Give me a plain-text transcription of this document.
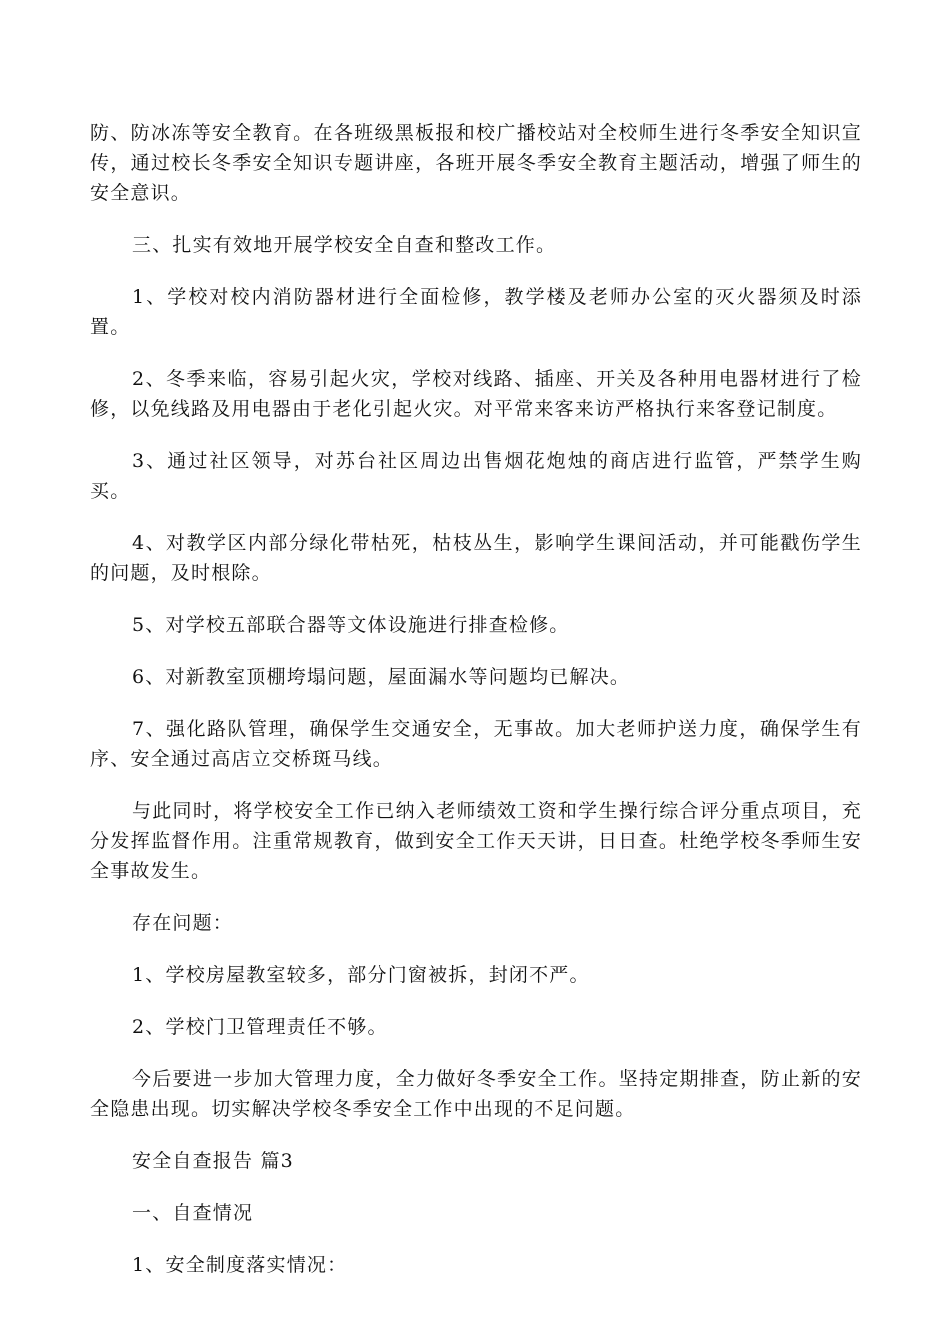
防、防冰冻等安全教育。在各班级黑板报和校广播校站对全校师生进行冬季安全知识宣传，通过校长冬季安全知识专题讲座，各班开展冬季安全教育主题活动，增强了师生的安全意识。

三、扎实有效地开展学校安全自查和整改工作。

1、学校对校内消防器材进行全面检修，教学楼及老师办公室的灭火器须及时添置。

2、冬季来临，容易引起火灾，学校对线路、插座、开关及各种用电器材进行了检修，以免线路及用电器由于老化引起火灾。对平常来客来访严格执行来客登记制度。

3、通过社区领导，对苏台社区周边出售烟花炮烛的商店进行监管，严禁学生购买。

4、对教学区内部分绿化带枯死，枯枝丛生，影响学生课间活动，并可能戳伤学生的问题，及时根除。

5、对学校五部联合器等文体设施进行排查检修。

6、对新教室顶棚垮塌问题，屋面漏水等问题均已解决。

7、强化路队管理，确保学生交通安全，无事故。加大老师护送力度，确保学生有序、安全通过高店立交桥斑马线。

与此同时，将学校安全工作已纳入老师绩效工资和学生操行综合评分重点项目，充分发挥监督作用。注重常规教育，做到安全工作天天讲，日日查。杜绝学校冬季师生安全事故发生。

存在问题：

1、学校房屋教室较多，部分门窗被拆，封闭不严。

2、学校门卫管理责任不够。

今后要进一步加大管理力度，全力做好冬季安全工作。坚持定期排查，防止新的安全隐患出现。切实解决学校冬季安全工作中出现的不足问题。

安全自查报告 篇3

一、自查情况

1、安全制度落实情况：
